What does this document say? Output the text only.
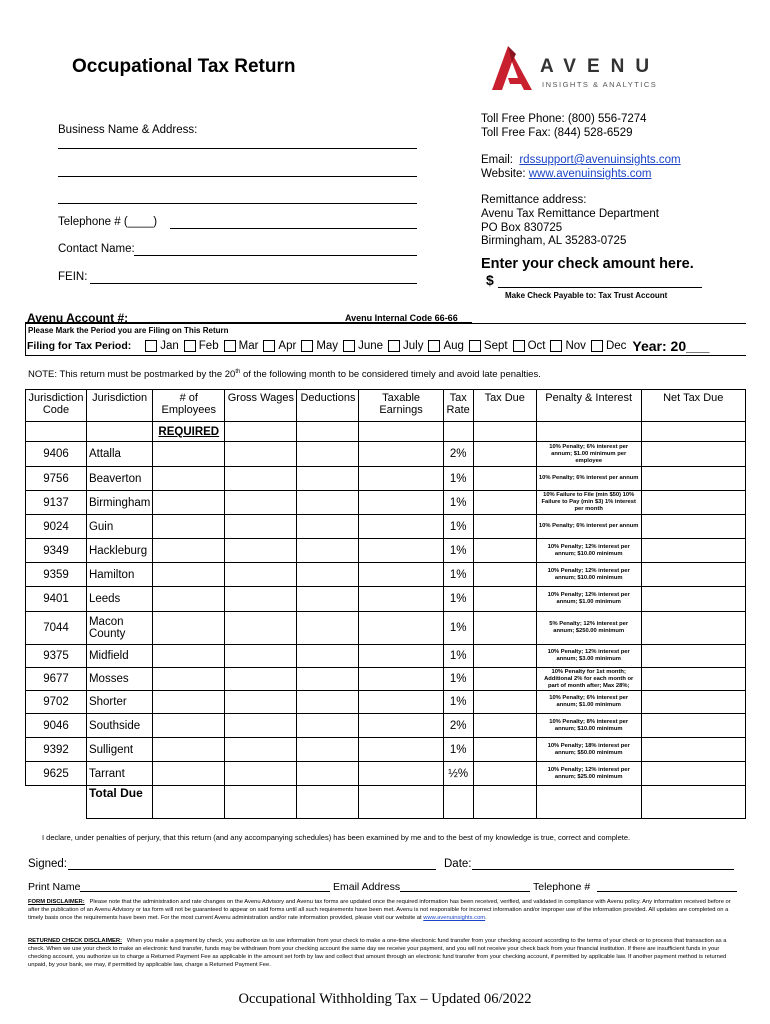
Occupational Tax Return	AVENU
INSIGHTS & ANALYTICS
Business Name & Address:
Telephone # (____)
Contact Name:
FEIN:
Toll Free Phone: (800) 556-7274
Toll Free Fax: (844) 528-6529
Email: rdssupport@avenuinsights.com
Website: www.avenuinsights.com
Remittance address:
Avenu Tax Remittance Department
PO Box 830725
Birmingham, AL 35283-0725
Enter your check amount here.
$
Make Check Payable to: Tax Trust Account
Avenu Account #:	Avenu Internal Code 66-66
Please Mark the Period you are Filing on This Return
Filing for Tax Period:	Jan Feb Mar Apr May June July Aug Sept Oct Nov Dec Year: 20___
NOTE: This return must be postmarked by the 20th of the following month to be considered timely and avoid late penalties.
Jurisdiction Code	Jurisdiction	# of Employees	Gross Wages	Deductions	Taxable Earnings	Tax Rate	Tax Due	Penalty & Interest	Net Tax Due
		REQUIRED							
9406	Attalla					2%		10% Penalty; 6% interest per annum; $1.00 minimum per employee	
9756	Beaverton					1%		10% Penalty; 6% interest per annum	
9137	Birmingham					1%		10% Failure to File (min $50) 10% Failure to Pay (min $3) 1% interest per month	
9024	Guin					1%		10% Penalty; 6% interest per annum	
9349	Hackleburg					1%		10% Penalty; 12% interest per annum; $10.00 minimum	
9359	Hamilton					1%		10% Penalty; 12% interest per annum; $10.00 minimum	
9401	Leeds					1%		10% Penalty; 12% interest per annum; $1.00 minimum	
7044	Macon County					1%		5% Penalty; 12% interest per annum; $250.00 minimum	
9375	Midfield					1%		10% Penalty; 12% interest per annum; $3.00 minimum	
9677	Mosses					1%		10% Penalty for 1st month; Additional 2% for each month or part of month after; Max 28%;	
9702	Shorter					1%		10% Penalty; 6% interest per annum; $1.00 minimum	
9046	Southside					2%		10% Penalty; 8% interest per annum; $10.00 minimum	
9392	Sulligent					1%		10% Penalty; 18% interest per annum; $50.00 minimum	
9625	Tarrant					½%		10% Penalty; 12% interest per annum; $25.00 minimum	
	Total Due								
I declare, under penalties of perjury, that this return (and any accompanying schedules) has been examined by me and to the best of my knowledge is true, correct and complete.
Signed:	Date:
Print Name	Email Address	Telephone #
FORM DISCLAIMER: Please note that the administration and rate changes on the Avenu Advisory and Avenu tax forms are updated once the required information has been received, verified, and validated in compliance with Avenu policy. Any information received before or after the publication of an Avenu Advisory or tax form will not be guaranteed to appear on said forms until all such requirements have been met. Avenu is not responsible for incorrect information and/or improper use of the information provided. All updates are completed on a timely basis once the requirements have been met. For the most current Avenu administration and/or rate information provided, please visit our website at www.avenuinsights.com.
RETURNED CHECK DISCLAIMER: When you make a payment by check, you authorize us to use information from your check to make a one-time electronic fund transfer from your checking account according to the terms of your check or to process that transaction as a check. When we use your check to make an electronic fund transfer, funds may be withdrawn from your checking account the same day we receive your payment, and you will not receive your check back from your financial institution. If there are insufficient funds in your checking account, you authorize us to charge a Returned Payment Fee as applicable in the amount set forth by law and collect that amount through an electronic fund transfer from your checking account, if permitted by applicable law. If another payment method is returned unpaid, by your bank, we may, if permitted by applicable law, charge a Returned Payment Fee.
Occupational Withholding Tax – Updated 06/2022
